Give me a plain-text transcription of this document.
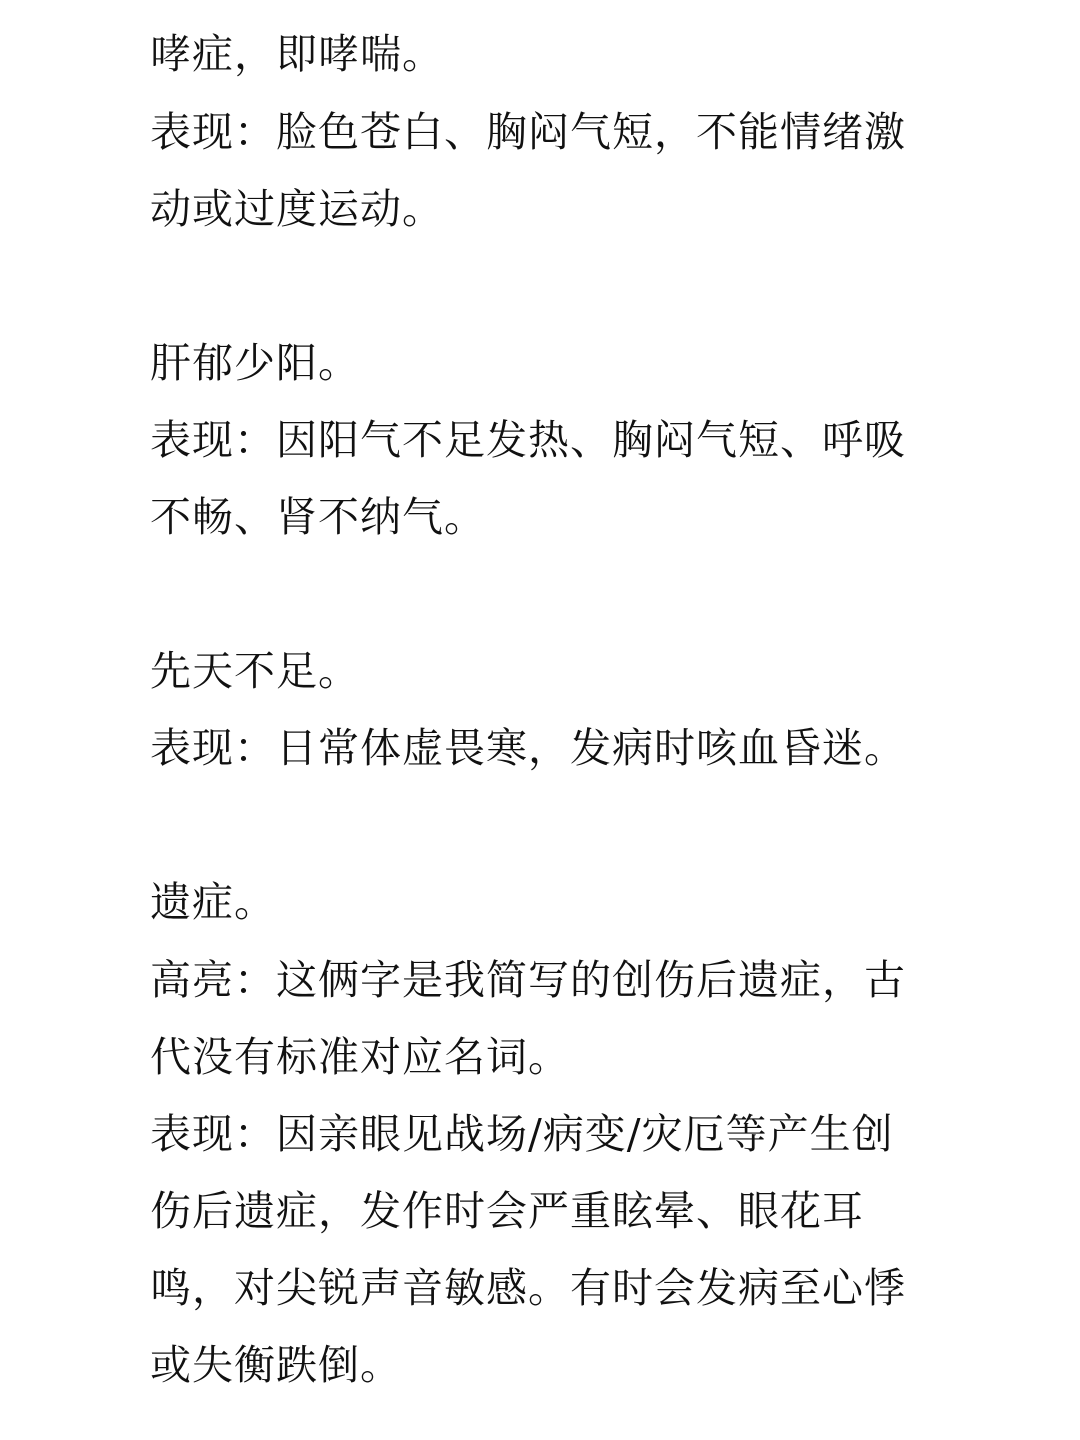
哮症，即哮喘。
表现：脸色苍白、胸闷气短，不能情绪激
动或过度运动。
肝郁少阳。
表现：因阳气不足发热、胸闷气短、呼吸
不畅、肾不纳气。
先天不足。
表现：日常体虚畏寒，发病时咳血昏迷。
遗症。
高亮：这俩字是我简写的创伤后遗症，古
代没有标准对应名词。
表现：因亲眼见战场/病变/灾厄等产生创
伤后遗症，发作时会严重眩晕、眼花耳
鸣，对尖锐声音敏感。有时会发病至心悸
或失衡跌倒。
